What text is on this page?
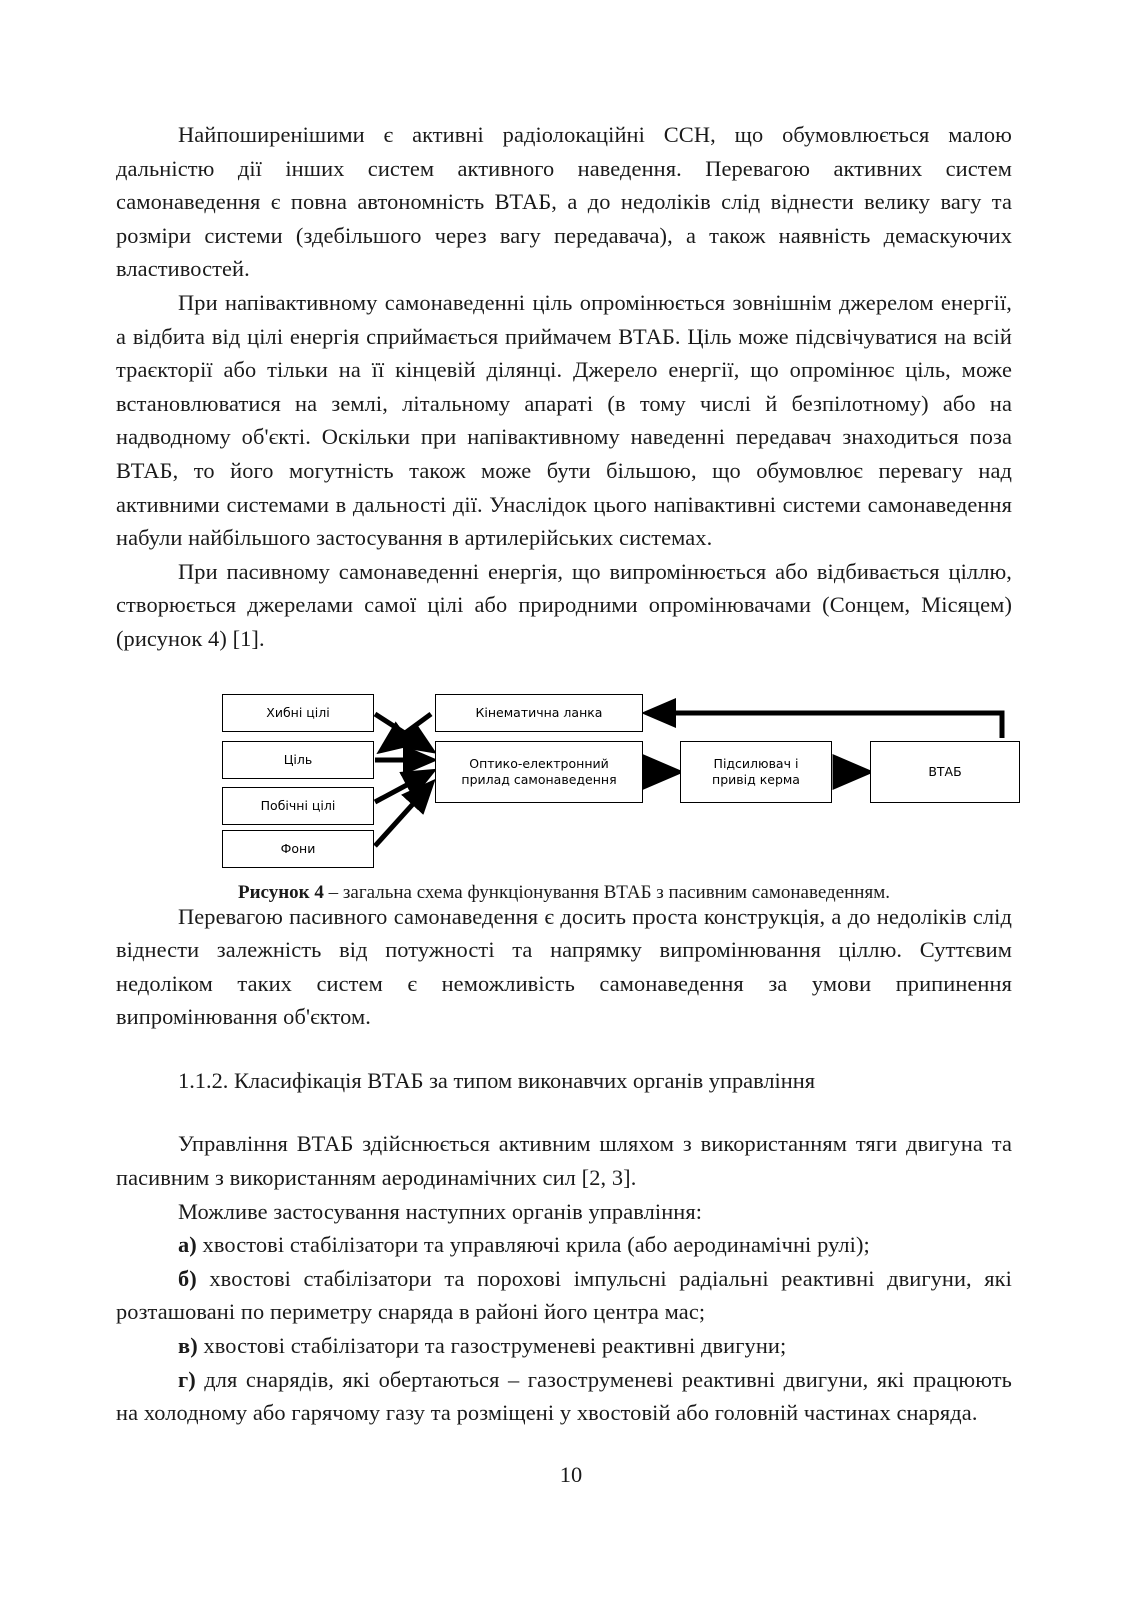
Найпоширенішими є активні радіолокаційні ССН, що обумовлюється малою дальністю дії інших систем активного наведення. Перевагою активних систем самонаведення є повна автономність ВТАБ, а до недоліків слід віднести велику вагу та розміри системи (здебільшого через вагу передавача), а також наявність демаскуючих властивостей.

При напівактивному самонаведенні ціль опромінюється зовнішнім джерелом енергії, а відбита від цілі енергія сприймається приймачем ВТАБ. Ціль може підсвічуватися на всій траєкторії або тільки на її кінцевій ділянці. Джерело енергії, що опромінює ціль, може встановлюватися на землі, літальному апараті (в тому числі й безпілотному) або на надводному об'єкті. Оскільки при напівактивному наведенні передавач знаходиться поза ВТАБ, то його могутність також може бути більшою, що обумовлює перевагу над активними системами в дальності дії. Унаслідок цього напівактивні системи самонаведення набули найбільшого застосування в артилерійських системах.

При пасивному самонаведенні енергія, що випромінюється або відбивається ціллю, створюється джерелами самої цілі або природними опромінювачами (Сонцем, Місяцем) (рисунок 4) [1].

Хибні цілі
Ціль
Побічні цілі
Фони
Кінематична ланка
Оптико-електронний
прилад самонаведення
Підсилювач і
привід керма
ВТАБ
Рисунок 4 – загальна схема функціонування ВТАБ з пасивним самонаведенням.

Перевагою пасивного самонаведення є досить проста конструкція, а до недоліків слід віднести залежність від потужності та напрямку випромінювання ціллю. Суттєвим недоліком таких систем є неможливість самонаведення за умови припинення випромінювання об'єктом.

1.1.2. Класифікація ВТАБ за типом виконавчих органів управління

Управління ВТАБ здійснюється активним шляхом з використанням тяги двигуна та пасивним з використанням аеродинамічних сил [2, 3].

Можливе застосування наступних органів управління:

а) хвостові стабілізатори та управляючі крила (або аеродинамічні рулі);

б) хвостові стабілізатори та порохові імпульсні радіальні реактивні двигуни, які розташовані по периметру снаряда в районі його центра мас;

в) хвостові стабілізатори та газоструменеві реактивні двигуни;

г) для снарядів, які обертаються – газоструменеві реактивні двигуни, які працюють на холодному або гарячому газу та розміщені у хвостовій або головній частинах снаряда.

10
